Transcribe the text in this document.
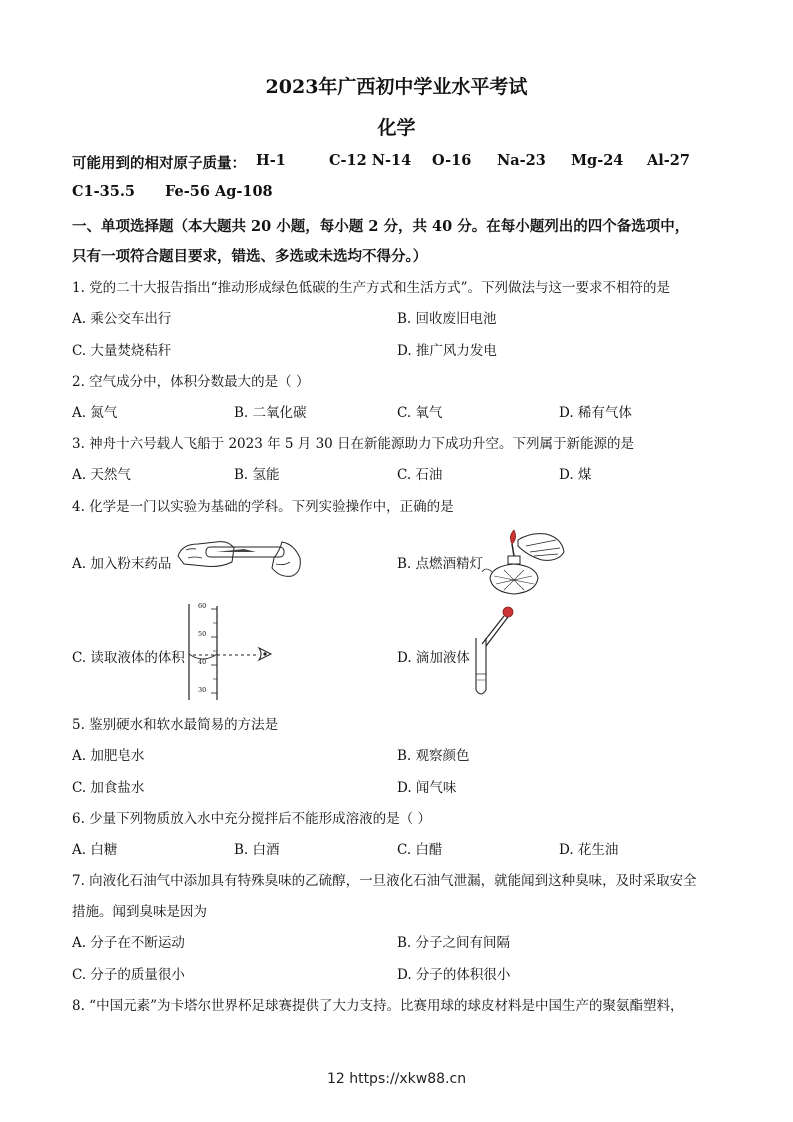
2023年广西初中学业水平考试
化学
可能用到的相对原子质量： H-1	C-12 N-14 O-16 Na-23 Mg-24 Al-27
C1-35.5 Fe-56 Ag-108
一、单项选择题（本大题共 20 小题，每小题 2 分，共 40 分。在每小题列出的四个备选项中，
只有一项符合题目要求，错选、多选或未选均不得分。）
1. 党的二十大报告指出“推动形成绿色低碳的生产方式和生活方式”。下列做法与这一要求不相符的是
A. 乘公交车出行	B. 回收废旧电池
C. 大量焚烧秸秆	D. 推广风力发电
2. 空气成分中，体积分数最大的是（ ）
A. 氮气	B. 二氧化碳	C. 氧气	D. 稀有气体
3. 神舟十六号载人飞船于 2023 年 5 月 30 日在新能源助力下成功升空。下列属于新能源的是
A. 天然气	B. 氢能	C. 石油	D. 煤
4. 化学是一门以实验为基础的学科。下列实验操作中，正确的是
A. 加入粉末药品	B. 点燃酒精灯
C. 读取液体的体积	D. 滴加液体
60
50
40
30
5. 鉴别硬水和软水最简易的方法是
A. 加肥皂水	B. 观察颜色
C. 加食盐水	D. 闻气味
6. 少量下列物质放入水中充分搅拌后不能形成溶液的是（ ）
A. 白糖	B. 白酒	C. 白醋	D. 花生油
7. 向液化石油气中添加具有特殊臭味的乙硫醇，一旦液化石油气泄漏，就能闻到这种臭味，及时采取安全
措施。闻到臭味是因为
A. 分子在不断运动	B. 分子之间有间隔
C. 分子的质量很小	D. 分子的体积很小
8. “中国元素”为卡塔尔世界杯足球赛提供了大力支持。比赛用球的球皮材料是中国生产的聚氨酯塑料，
12 https://xkw88.cn
